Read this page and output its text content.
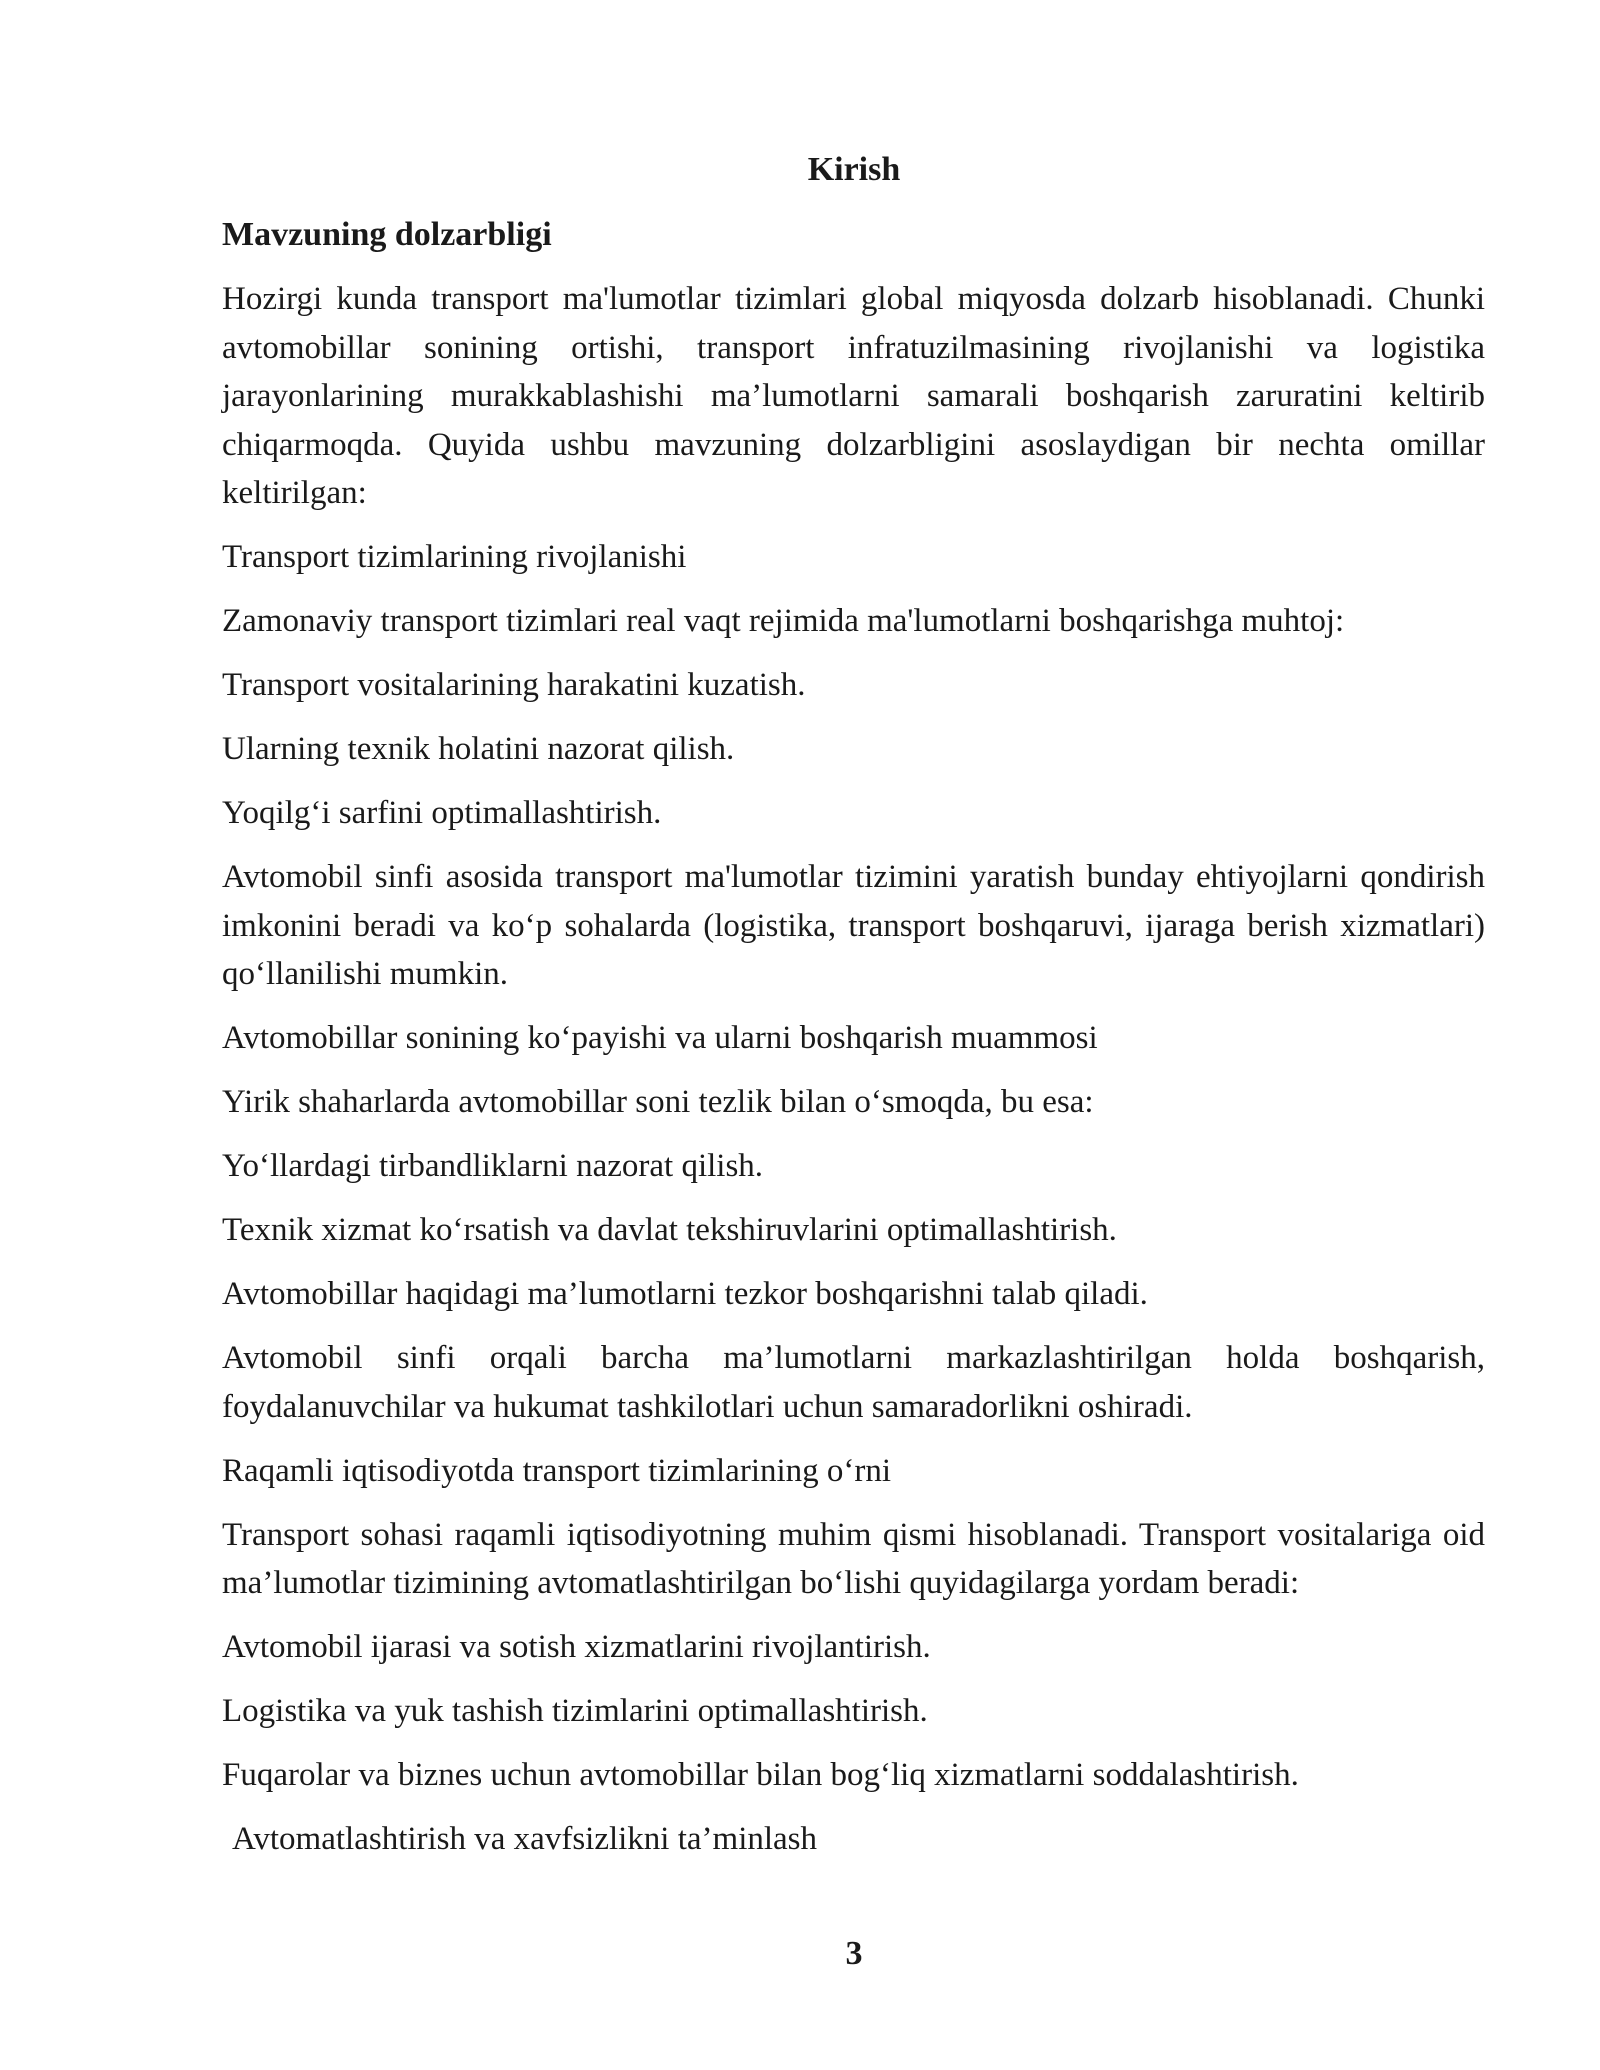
Kirish
Mavzuning dolzarbligi

Hozirgi kunda transport ma'lumotlar tizimlari global miqyosda dolzarb hisoblanadi. Chunki avtomobillar sonining ortishi, transport infratuzilmasining rivojlanishi va logistika jarayonlarining murakkablashishi ma’lumotlarni samarali boshqarish zaruratini keltirib chiqarmoqda. Quyida ushbu mavzuning dolzarbligini asoslaydigan bir nechta omillar keltirilgan:

Transport tizimlarining rivojlanishi

Zamonaviy transport tizimlari real vaqt rejimida ma'lumotlarni boshqarishga muhtoj:

Transport vositalarining harakatini kuzatish.

Ularning texnik holatini nazorat qilish.

Yoqilg‘i sarfini optimallashtirish.

Avtomobil sinfi asosida transport ma'lumotlar tizimini yaratish bunday ehtiyojlarni qondirish imkonini beradi va ko‘p sohalarda (logistika, transport boshqaruvi, ijaraga berish xizmatlari) qo‘llanilishi mumkin.

Avtomobillar sonining ko‘payishi va ularni boshqarish muammosi

Yirik shaharlarda avtomobillar soni tezlik bilan o‘smoqda, bu esa:

Yo‘llardagi tirbandliklarni nazorat qilish.

Texnik xizmat ko‘rsatish va davlat tekshiruvlarini optimallashtirish.

Avtomobillar haqidagi ma’lumotlarni tezkor boshqarishni talab qiladi.

Avtomobil sinfi orqali barcha ma’lumotlarni markazlashtirilgan holda boshqarish, foydalanuvchilar va hukumat tashkilotlari uchun samaradorlikni oshiradi.

Raqamli iqtisodiyotda transport tizimlarining o‘rni

Transport sohasi raqamli iqtisodiyotning muhim qismi hisoblanadi. Transport vositalariga oid ma’lumotlar tizimining avtomatlashtirilgan bo‘lishi quyidagilarga yordam beradi:

Avtomobil ijarasi va sotish xizmatlarini rivojlantirish.

Logistika va yuk tashish tizimlarini optimallashtirish.

Fuqarolar va biznes uchun avtomobillar bilan bog‘liq xizmatlarni soddalashtirish.

Avtomatlashtirish va xavfsizlikni ta’minlash

3
